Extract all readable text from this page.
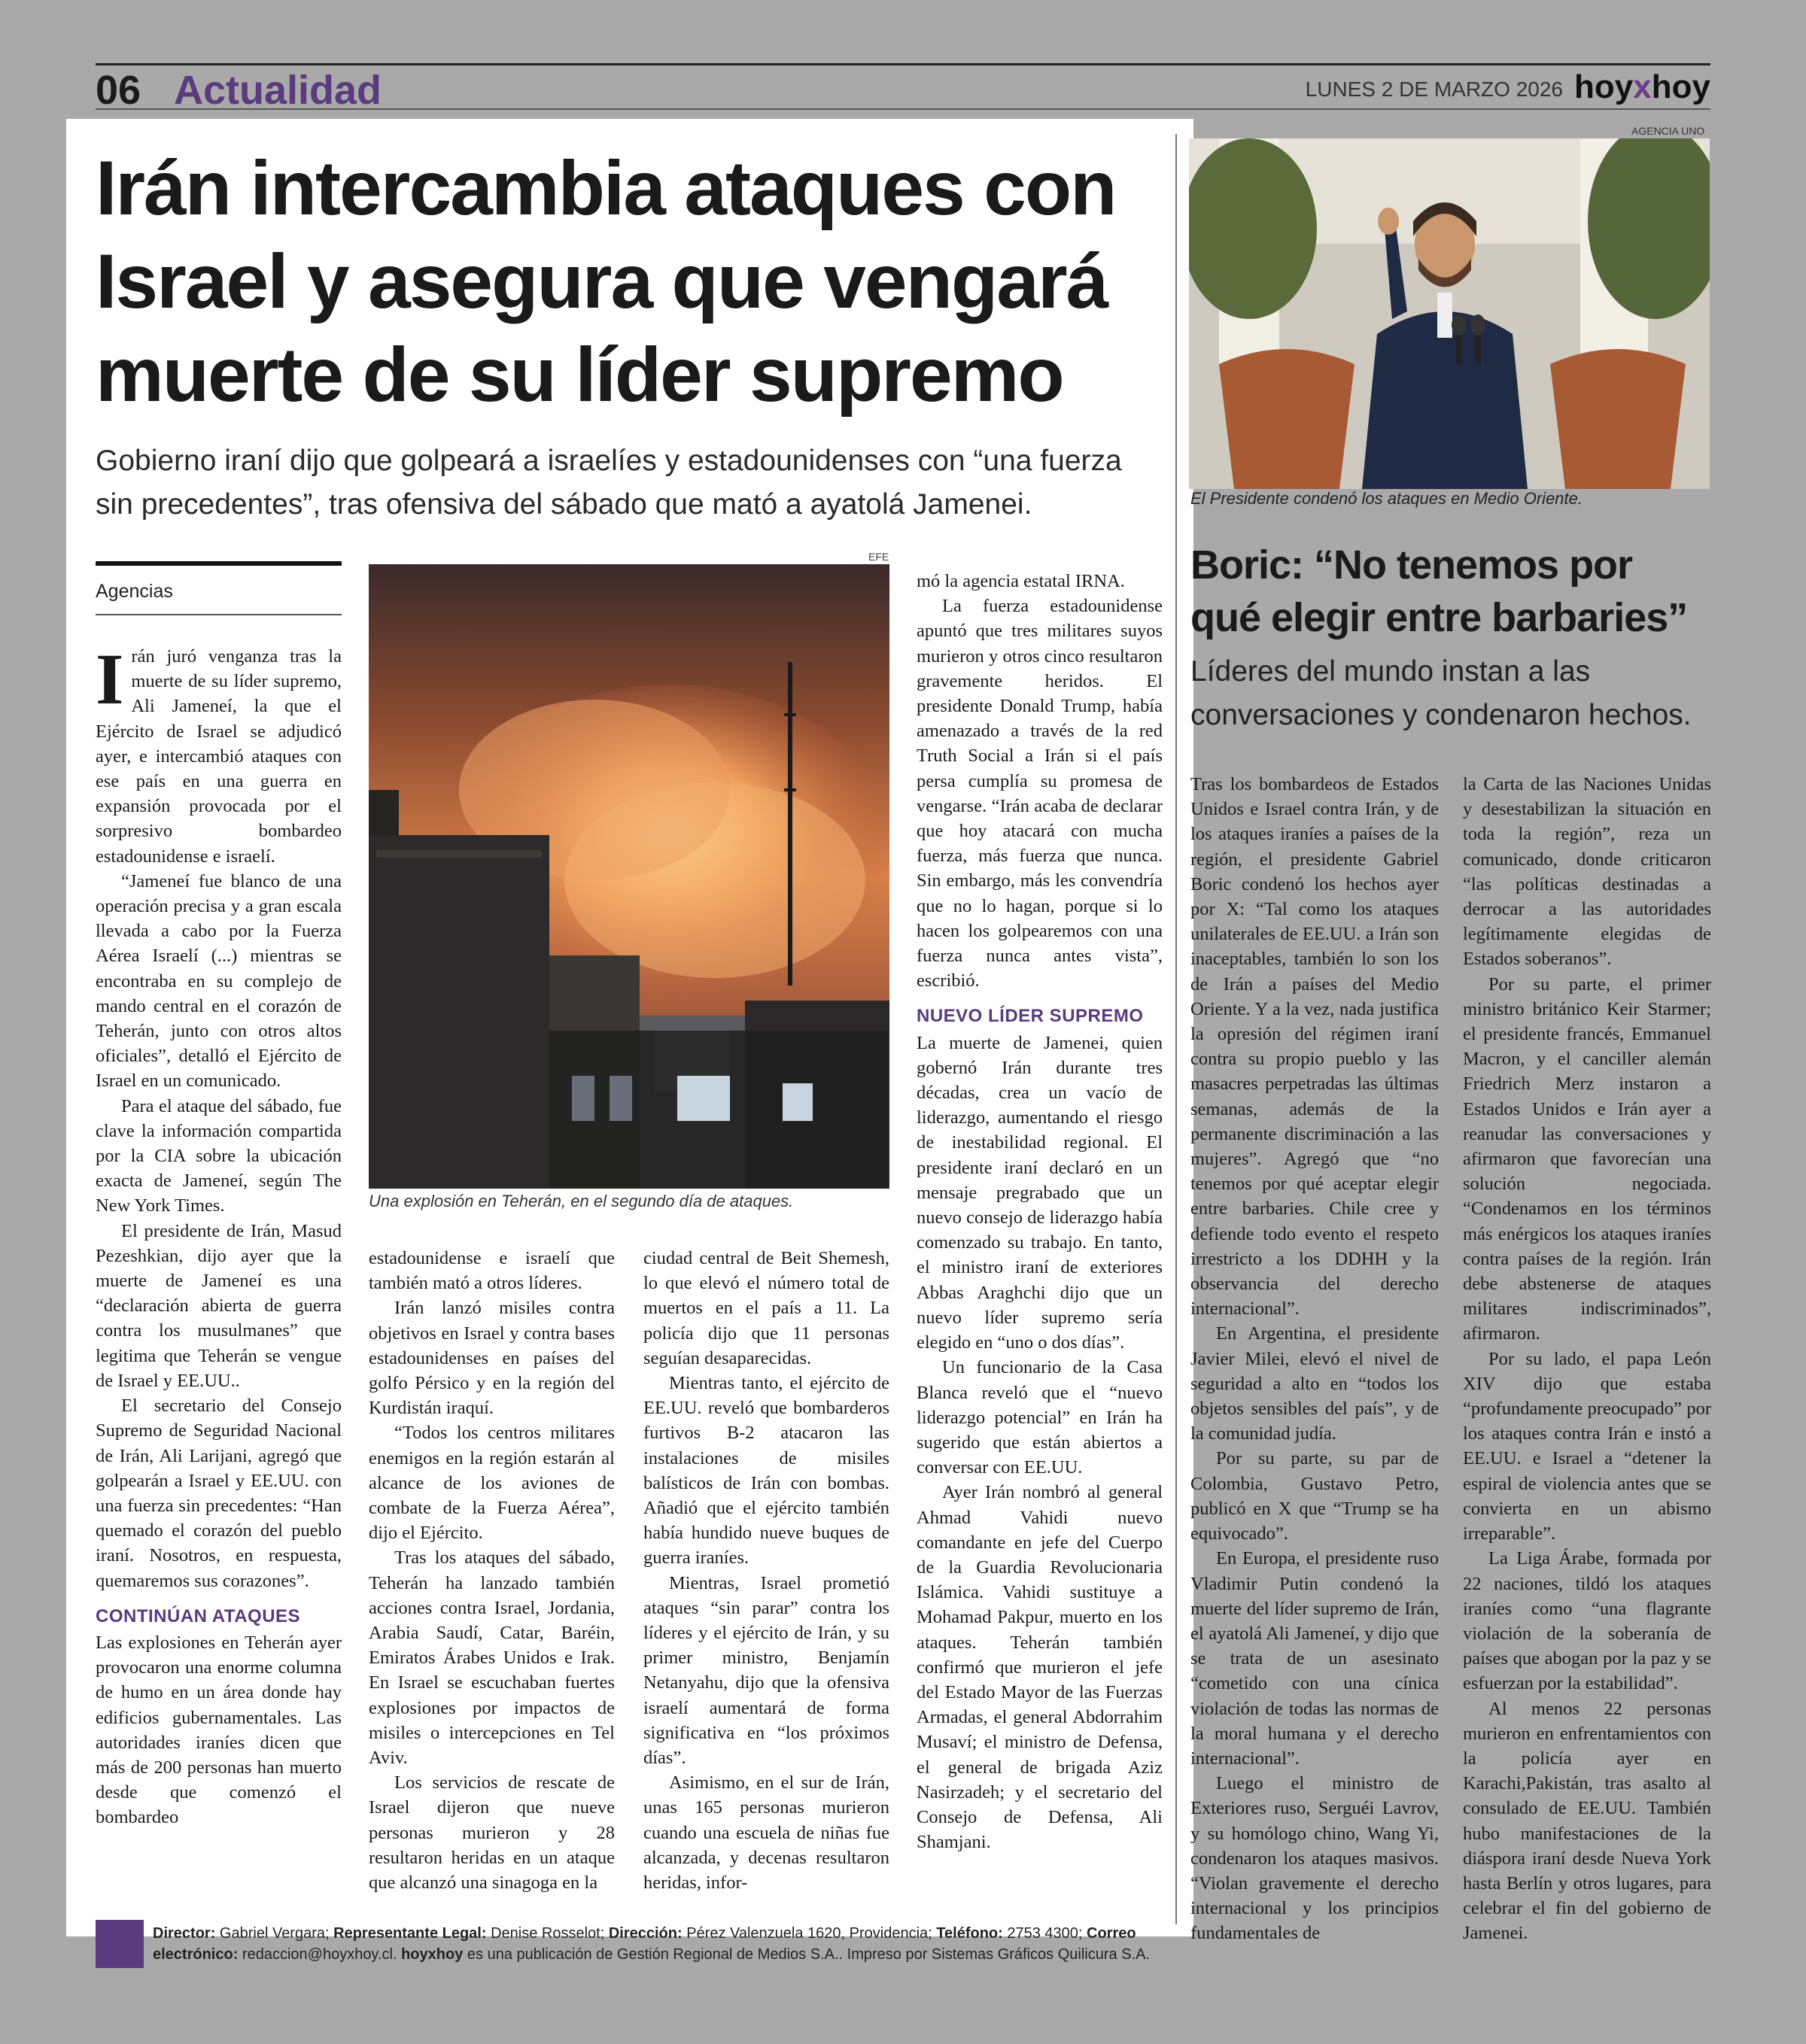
06 Actualidad	LUNES 2 DE MARZO 2026 hoyxhoy
Irán intercambia ataques con Israel y asegura que vengará muerte de su líder supremo

Gobierno iraní dijo que golpeará a israelíes y estadounidenses con “una fuerza sin precedentes”, tras ofensiva del sábado que mató a ayatolá Jamenei.

Agencias

Irán juró venganza tras la muerte de su líder supremo, Ali Jameneí, la que el Ejército de Israel se adjudicó ayer, e intercambió ataques con ese país en una guerra en expansión provocada por el sorpresivo bombardeo estadounidense e israelí.

“Jameneí fue blanco de una operación precisa y a gran escala llevada a cabo por la Fuerza Aérea Israelí (...) mientras se encontraba en su complejo de mando central en el corazón de Teherán, junto con otros altos oficiales”, detalló el Ejército de Israel en un comunicado.

Para el ataque del sábado, fue clave la información compartida por la CIA sobre la ubicación exacta de Jameneí, según The New York Times.

El presidente de Irán, Masud Pezeshkian, dijo ayer que la muerte de Jameneí es una “declaración abierta de guerra contra los musulmanes” que legitima que Teherán se vengue de Israel y EE.UU..

El secretario del Consejo Supremo de Seguridad Nacional de Irán, Ali Larijani, agregó que golpearán a Israel y EE.UU. con una fuerza sin precedentes: “Han quemado el corazón del pueblo iraní. Nosotros, en respuesta, quemaremos sus corazones”.

CONTINÚAN ATAQUES

Las explosiones en Teherán ayer provocaron una enorme columna de humo en un área donde hay edificios gubernamentales. Las autoridades iraníes dicen que más de 200 personas han muerto desde que comenzó el bombardeo

EFE

Una explosión en Teherán, en el segundo día de ataques.

estadounidense e israelí que también mató a otros líderes.

Irán lanzó misiles contra objetivos en Israel y contra bases estadounidenses en países del golfo Pérsico y en la región del Kurdistán iraquí.

“Todos los centros militares enemigos en la región estarán al alcance de los aviones de combate de la Fuerza Aérea”, dijo el Ejército.

Tras los ataques del sábado, Teherán ha lanzado también acciones contra Israel, Jordania, Arabia Saudí, Catar, Baréin, Emiratos Árabes Unidos e Irak. En Israel se escuchaban fuertes explosiones por impactos de misiles o intercepciones en Tel Aviv.

Los servicios de rescate de Israel dijeron que nueve personas murieron y 28 resultaron heridas en un ataque que alcanzó una sinagoga en la

ciudad central de Beit Shemesh, lo que elevó el número total de muertos en el país a 11. La policía dijo que 11 personas seguían desaparecidas.

Mientras tanto, el ejército de EE.UU. reveló que bombarderos furtivos B-2 atacaron las instalaciones de misiles balísticos de Irán con bombas. Añadió que el ejército también había hundido nueve buques de guerra iraníes.

Mientras, Israel prometió ataques “sin parar” contra los líderes y el ejército de Irán, y su primer ministro, Benjamín Netanyahu, dijo que la ofensiva israelí aumentará de forma significativa en “los próximos días”.

Asimismo, en el sur de Irán, unas 165 personas murieron cuando una escuela de niñas fue alcanzada, y decenas resultaron heridas, infor-

mó la agencia estatal IRNA.

La fuerza estadounidense apuntó que tres militares suyos murieron y otros cinco resultaron gravemente heridos. El presidente Donald Trump, había amenazado a través de la red Truth Social a Irán si el país persa cumplía su promesa de vengarse. “Irán acaba de declarar que hoy atacará con mucha fuerza, más fuerza que nunca. Sin embargo, más les convendría que no lo hagan, porque si lo hacen los golpearemos con una fuerza nunca antes vista”, escribió.

NUEVO LÍDER SUPREMO

La muerte de Jamenei, quien gobernó Irán durante tres décadas, crea un vacío de liderazgo, aumentando el riesgo de inestabilidad regional. El presidente iraní declaró en un mensaje pregrabado que un nuevo consejo de liderazgo había comenzado su trabajo. En tanto, el ministro iraní de exteriores Abbas Araghchi dijo que un nuevo líder supremo sería elegido en “uno o dos días”.

Un funcionario de la Casa Blanca reveló que el “nuevo liderazgo potencial” en Irán ha sugerido que están abiertos a conversar con EE.UU.

Ayer Irán nombró al general Ahmad Vahidi nuevo comandante en jefe del Cuerpo de la Guardia Revolucionaria Islámica. Vahidi sustituye a Mohamad Pakpur, muerto en los ataques. Teherán también confirmó que murieron el jefe del Estado Mayor de las Fuerzas Armadas, el general Abdorrahim Musaví; el ministro de Defensa, el general de brigada Aziz Nasirzadeh; y el secretario del Consejo de Defensa, Ali Shamjani.

AGENCIA UNO

El Presidente condenó los ataques en Medio Oriente.

Boric: “No tenemos por qué elegir entre barbaries”

Líderes del mundo instan a las conversaciones y condenaron hechos.

Tras los bombardeos de Estados Unidos e Israel contra Irán, y de los ataques iraníes a países de la región, el presidente Gabriel Boric condenó los hechos ayer por X: “Tal como los ataques unilaterales de EE.UU. a Irán son inaceptables, también lo son los de Irán a países del Medio Oriente. Y a la vez, nada justifica la opresión del régimen iraní contra su propio pueblo y las masacres perpetradas las últimas semanas, además de la permanente discriminación a las mujeres”. Agregó que “no tenemos por qué aceptar elegir entre barbaries. Chile cree y defiende todo evento el respeto irrestricto a los DDHH y la observancia del derecho internacional”.

En Argentina, el presidente Javier Milei, elevó el nivel de seguridad a alto en “todos los objetos sensibles del país”, y de la comunidad judía.

Por su parte, su par de Colombia, Gustavo Petro, publicó en X que “Trump se ha equivocado”.

En Europa, el presidente ruso Vladimir Putin condenó la muerte del líder supremo de Irán, el ayatolá Ali Jameneí, y dijo que se trata de un asesinato “cometido con una cínica violación de todas las normas de la moral humana y el derecho internacional”.

Luego el ministro de Exteriores ruso, Serguéi Lavrov, y su homólogo chino, Wang Yi, condenaron los ataques masivos. “Violan gravemente el derecho internacional y los principios fundamentales de

la Carta de las Naciones Unidas y desestabilizan la situación en toda la región”, reza un comunicado, donde criticaron “las políticas destinadas a derrocar a las autoridades legítimamente elegidas de Estados soberanos”.

Por su parte, el primer ministro británico Keir Starmer; el presidente francés, Emmanuel Macron, y el canciller alemán Friedrich Merz instaron a Estados Unidos e Irán ayer a reanudar las conversaciones y afirmaron que favorecían una solución negociada. “Condenamos en los términos más enérgicos los ataques iraníes contra países de la región. Irán debe abstenerse de ataques militares indiscriminados”, afirmaron.

Por su lado, el papa León XIV dijo que estaba “profundamente preocupado” por los ataques contra Irán e instó a EE.UU. e Israel a “detener la espiral de violencia antes que se convierta en un abismo irreparable”.

La Liga Árabe, formada por 22 naciones, tildó los ataques iraníes como “una flagrante violación de la soberanía de países que abogan por la paz y se esfuerzan por la estabilidad”.

Al menos 22 personas murieron en enfrentamientos con la policía ayer en Karachi,Pakistán, tras asalto al consulado de EE.UU. También hubo manifestaciones de la diáspora iraní desde Nueva York hasta Berlín y otros lugares, para celebrar el fin del gobierno de Jamenei.

Director: Gabriel Vergara; Representante Legal: Denise Rosselot; Dirección: Pérez Valenzuela 1620, Providencia; Teléfono: 2753 4300; Correo electrónico: redaccion@hoyxhoy.cl. hoyxhoy es una publicación de Gestión Regional de Medios S.A.. Impreso por Sistemas Gráficos Quilicura S.A.
